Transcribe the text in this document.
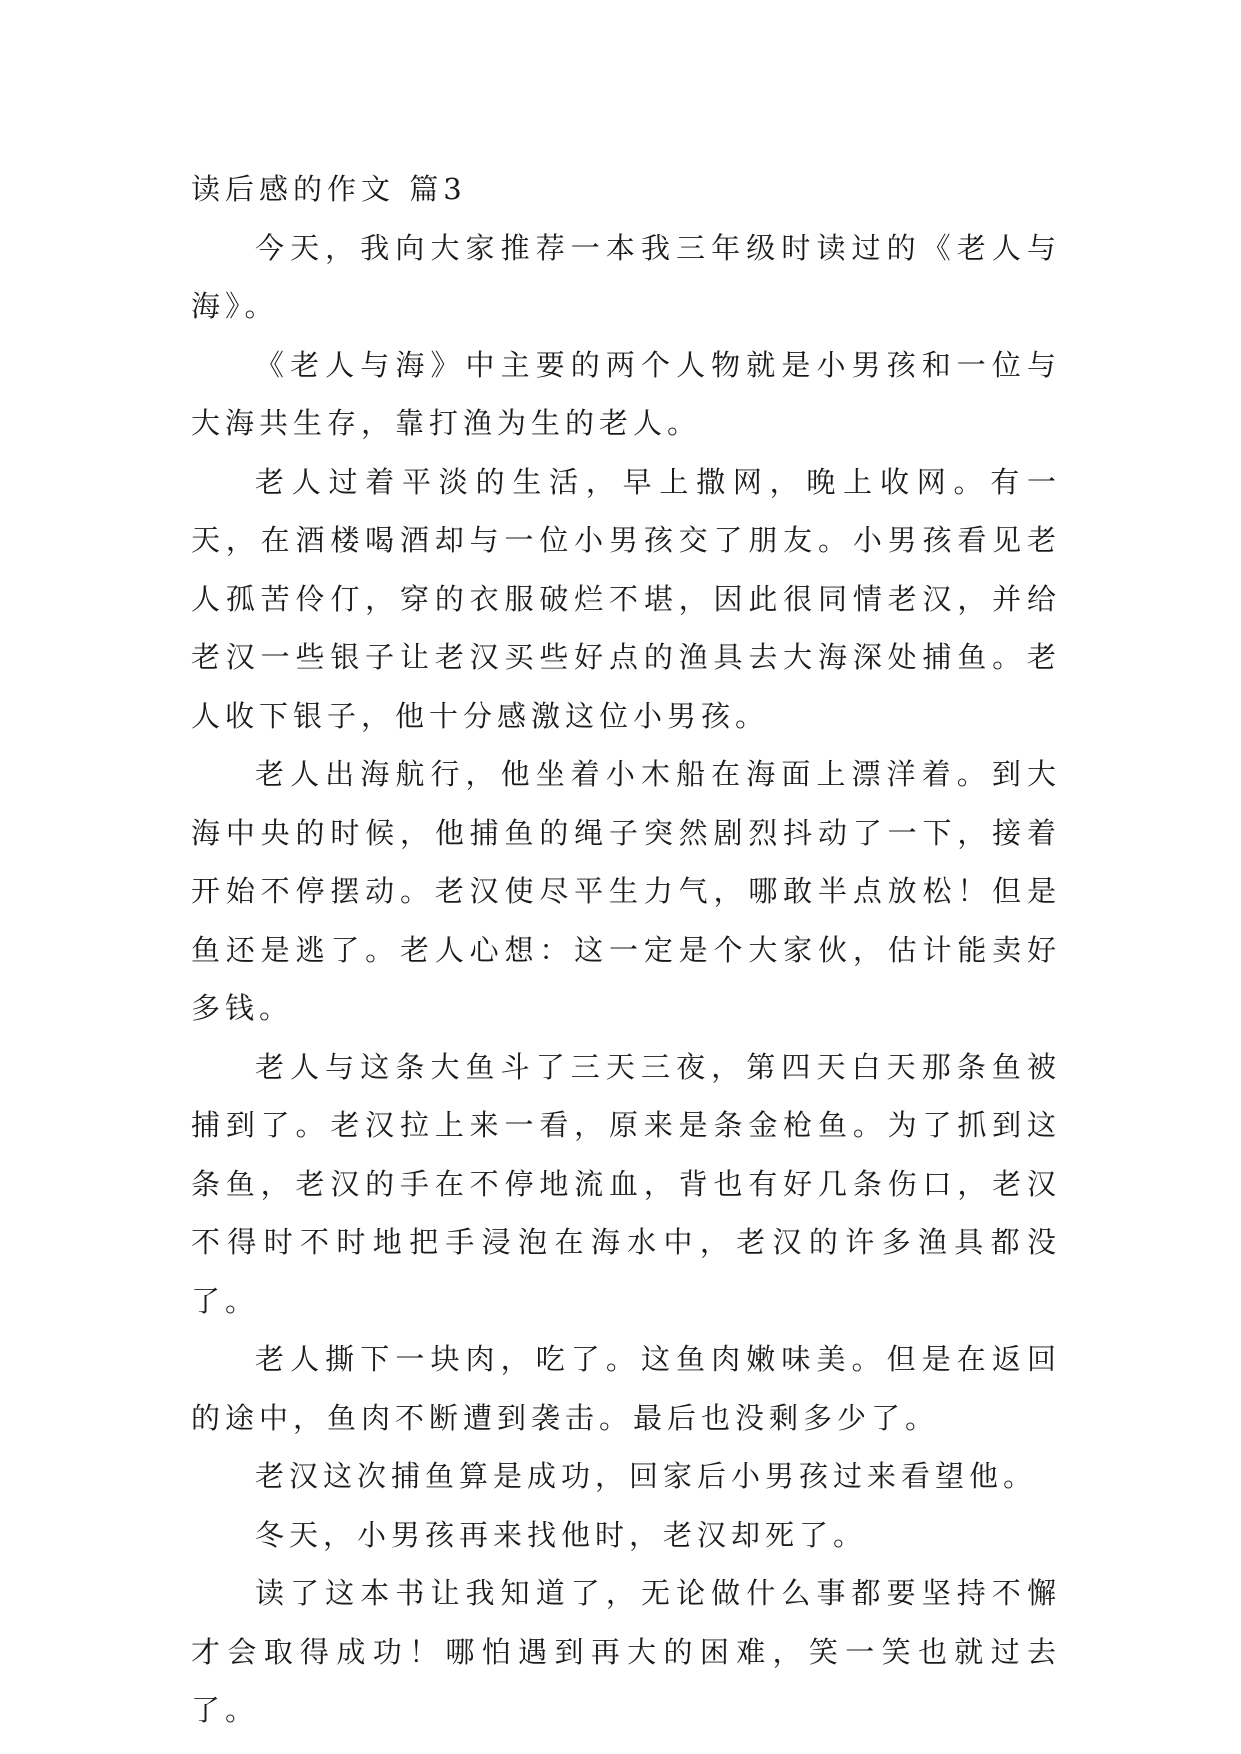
读后感的作文 篇3

今天，我向大家推荐一本我三年级时读过的《老人与海》。

《老人与海》中主要的两个人物就是小男孩和一位与大海共生存，靠打渔为生的老人。

老人过着平淡的生活，早上撒网，晚上收网。有一天，在酒楼喝酒却与一位小男孩交了朋友。小男孩看见老人孤苦伶仃，穿的衣服破烂不堪，因此很同情老汉，并给老汉一些银子让老汉买些好点的渔具去大海深处捕鱼。老人收下银子，他十分感激这位小男孩。

老人出海航行，他坐着小木船在海面上漂洋着。到大海中央的时候，他捕鱼的绳子突然剧烈抖动了一下，接着开始不停摆动。老汉使尽平生力气，哪敢半点放松！但是鱼还是逃了。老人心想：这一定是个大家伙，估计能卖好多钱。

老人与这条大鱼斗了三天三夜，第四天白天那条鱼被捕到了。老汉拉上来一看，原来是条金枪鱼。为了抓到这条鱼，老汉的手在不停地流血，背也有好几条伤口，老汉不得时不时地把手浸泡在海水中，老汉的许多渔具都没了。

老人撕下一块肉，吃了。这鱼肉嫩味美。但是在返回的途中，鱼肉不断遭到袭击。最后也没剩多少了。

老汉这次捕鱼算是成功，回家后小男孩过来看望他。

冬天，小男孩再来找他时，老汉却死了。

读了这本书让我知道了，无论做什么事都要坚持不懈才会取得成功！哪怕遇到再大的困难，笑一笑也就过去了。
